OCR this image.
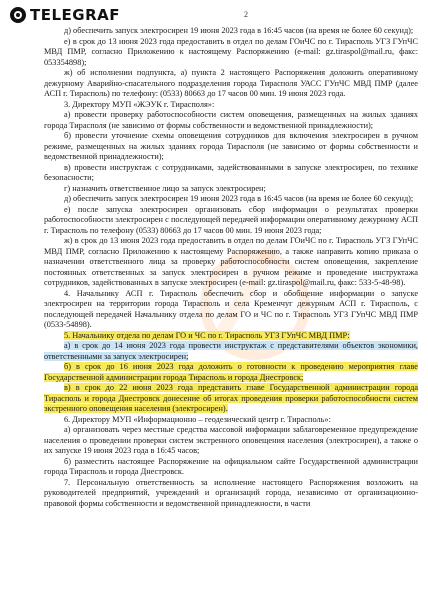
TELEGRAF	2

д) обеспечить запуск электросирен 19 июня 2023 года в 16:45 часов (на время не более 60 секунд);

е) в срок до 13 июня 2023 года предоставить в отдел по делам ГОиЧС по г. Тирасполь УГЗ ГУпЧС МВД ПМР, согласно Приложению к настоящему Распоряжению (e-mail: gz.tiraspol@mail.ru, факс: 053354898);

ж) об исполнении подпункта, а) пункта 2 настоящего Распоряжения доложить оперативному дежурному Аварийно-спасательного подразделения города Тирасполя УАСС ГУпЧС МВД ПМР (далее АСП г. Тирасполь) по телефону: (0533) 80663 до 17 часов 00 мин. 19 июня 2023 года.

3. Директору МУП «ЖЭУК г. Тирасполя»:

а) провести проверку работоспособности систем оповещения, размещенных на жилых зданиях города Тирасполя (не зависимо от формы собственности и ведомственной принадлежности);

б) провести уточнение схемы оповещения сотрудников для включения электросирен в ручном режиме, размещенных на жилых зданиях города Тирасполя (не зависимо от формы собственности и ведомственной принадлежности);

в) провести инструктаж с сотрудниками, задействованными в запуске электросирен, по технике безопасности;

г) назначить ответственное лицо за запуск электросирен;

д) обеспечить запуск электросирен 19 июня 2023 года в 16:45 часов (на время не более 60 секунд);

е) после запуска электросирен организовать сбор информации о результатах проверки работоспособности электросирен с последующей передачей информации оперативному дежурному АСП г. Тирасполь по телефону (0533) 80663 до 17 часов 00 мин. 19 июня 2023 года;

ж) в срок до 13 июня 2023 года предоставить в отдел по делам ГОиЧС по г. Тирасполь УГЗ ГУпЧС МВД ПМР, согласно Приложению к настоящему Распоряжению, а также направить копию приказа о назначении ответственного лица за проверку работоспособности систем оповещения, закрепление постоянных ответственных за запуск электросирен в ручном режиме и проведение инструктажа сотрудников, задействованных в запуске электросирен (e-mail: gz.tiraspol@mail.ru, факс: 533-5-48-98).

4. Начальнику АСП г. Тирасполь обеспечить сбор и обобщение информации о запуске электросирен на территории города Тирасполь и села Кременчуг дежурным АСП г. Тирасполь, с последующей передачей Начальнику отдела по делам ГО и ЧС по г. Тирасполь УГЗ ГУпЧС МВД ПМР (0533-54898).

5. Начальнику отдела по делам ГО и ЧС по г. Тирасполь УГЗ ГУпЧС МВД ПМР:

а) в срок до 14 июня 2023 года провести инструктаж с представителями объектов экономики, ответственными за запуск электросирен;

б) в срок до 16 июня 2023 года доложить о готовности к проведению мероприятия главе Государственной администрации города Тирасполь и города Днестровск;

в) в срок до 22 июня 2023 года представить главе Государственной администрации города Тирасполь и города Днестровск донесение об итогах проведения проверки работоспособности систем экстренного оповещения населения (электросирен).

6. Директору МУП «Информационно – геодезический центр г. Тирасполь»:

а) организовать через местные средства массовой информации заблаговременное предупреждение населения о проведении проверки систем экстренного оповещения населения (электросирен), а также о их запуске 19 июня 2023 года в 16:45 часов;

б) разместить настоящее Распоряжение на официальном сайте Государственной администрации города Тирасполь и города Днестровск.

7. Персональную ответственность за исполнение настоящего Распоряжения возложить на руководителей предприятий, учреждений и организаций города, независимо от организационно-правовой формы собственности и ведомственной принадлежности, в части
